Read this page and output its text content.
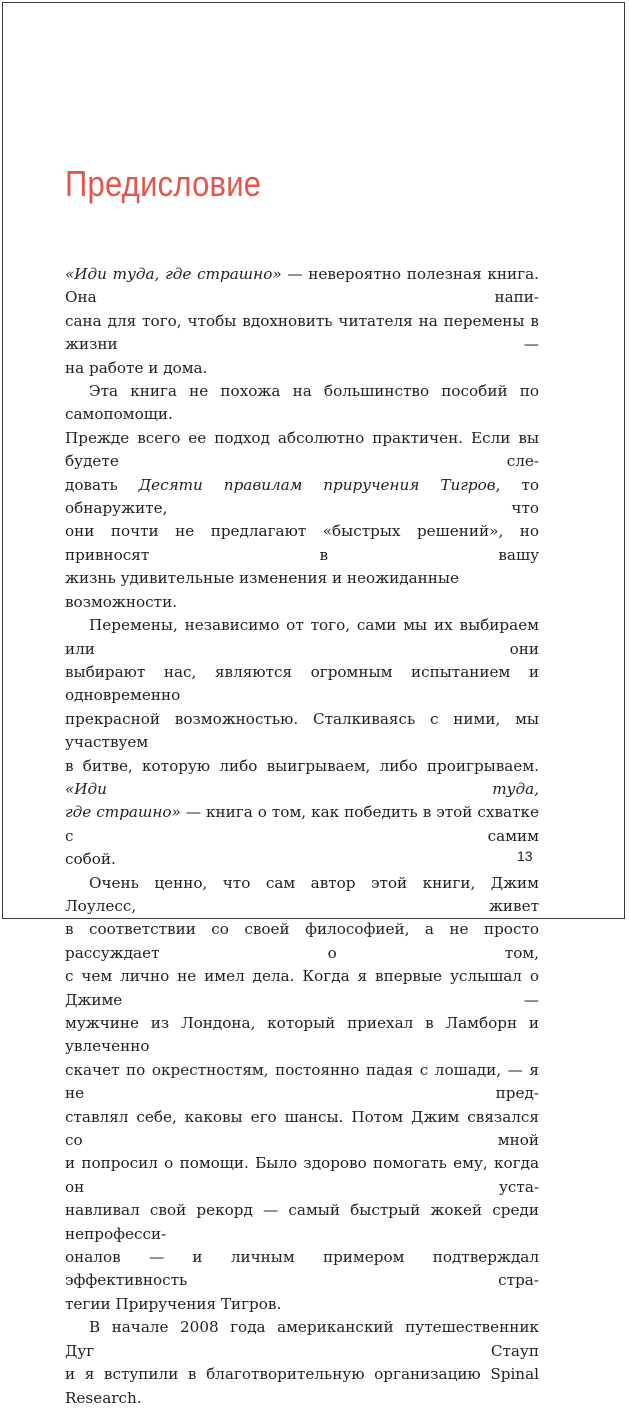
Предисловие

«Иди туда, где страшно» — невероятно полезная книга. Она напи-
сана для того, чтобы вдохновить читателя на перемены в жизни —
на работе и дома.

Эта книга не похожа на большинство пособий по самопомощи.
Прежде всего ее подход абсолютно практичен. Если вы будете сле-
довать Десяти правилам приручения Тигров, то обнаружите, что
они почти не предлагают «быстрых решений», но привносят в вашу
жизнь удивительные изменения и неожиданные возможности.

Перемены, независимо от того, сами мы их выбираем или они
выбирают нас, являются огромным испытанием и одновременно
прекрасной возможностью. Сталкиваясь с ними, мы участвуем
в битве, которую либо выигрываем, либо проигрываем. «Иди туда,
где страшно» — книга о том, как победить в этой схватке с самим
собой.

Очень ценно, что сам автор этой книги, Джим Лоулесс, живет
в соответствии со своей философией, а не просто рассуждает о том,
с чем лично не имел дела. Когда я впервые услышал о Джиме —
мужчине из Лондона, который приехал в Ламборн и увлеченно
скачет по окрестностям, постоянно падая с лошади, — я не пред-
ставлял себе, каковы его шансы. Потом Джим связался со мной
и попросил о помощи. Было здорово помогать ему, когда он уста-
навливал свой рекорд — самый быстрый жокей среди непрофесси-
оналов — и личным примером подтверждал эффективность стра-
тегии Приручения Тигров.

В начале 2008 года американский путешественник Дуг Стауп
и я вступили в благотворительную организацию Spinal Research.

13
